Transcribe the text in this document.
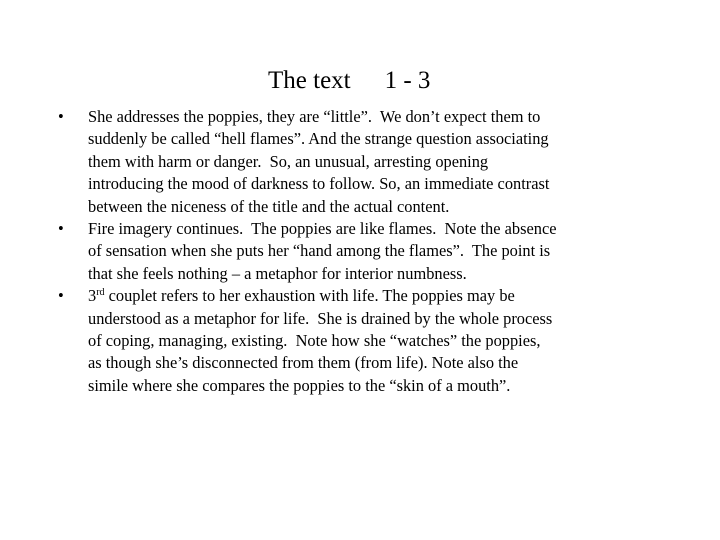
The text 1 - 3
•	She addresses the poppies, they are “little”.  We don’t expect them to
suddenly be called “hell flames”. And the strange question associating
them with harm or danger.  So, an unusual, arresting opening
introducing the mood of darkness to follow. So, an immediate contrast
between the niceness of the title and the actual content.
•	Fire imagery continues.  The poppies are like flames.  Note the absence
of sensation when she puts her “hand among the flames”.  The point is
that she feels nothing – a metaphor for interior numbness.
•	3rd couplet refers to her exhaustion with life. The poppies may be
understood as a metaphor for life.  She is drained by the whole process
of coping, managing, existing.  Note how she “watches” the poppies,
as though she’s disconnected from them (from life). Note also the
simile where she compares the poppies to the “skin of a mouth”.
